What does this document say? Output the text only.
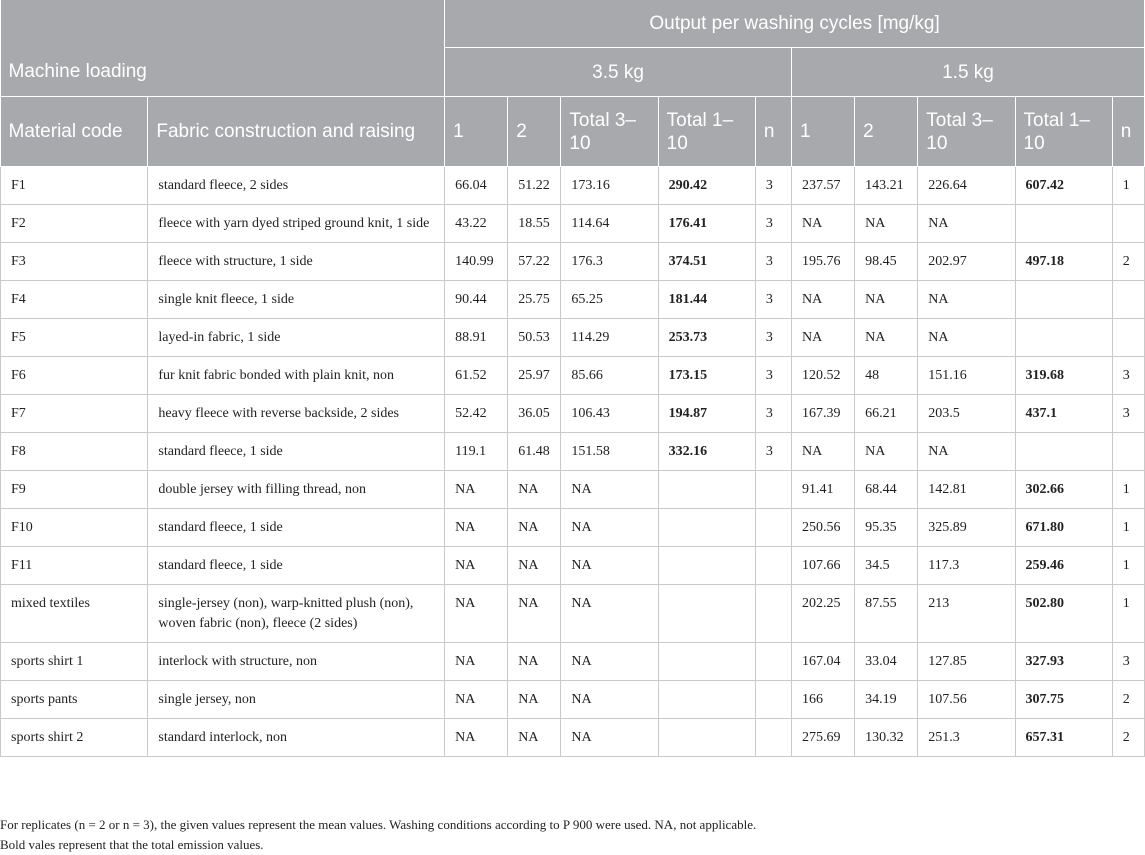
Machine loading		Output per washing cycles [mg/kg]									
		3.5 kg					1.5 kg				
Material code	Fabric construction and raising	1	2	Total 3–10	Total 1–10	n	1	2	Total 3–10	Total 1–10	n
F1	standard fleece, 2 sides	66.04	51.22	173.16	290.42	3	237.57	143.21	226.64	607.42	1
F2	fleece with yarn dyed striped ground knit, 1 side	43.22	18.55	114.64	176.41	3	NA	NA	NA		
F3	fleece with structure, 1 side	140.99	57.22	176.3	374.51	3	195.76	98.45	202.97	497.18	2
F4	single knit fleece, 1 side	90.44	25.75	65.25	181.44	3	NA	NA	NA		
F5	layed-in fabric, 1 side	88.91	50.53	114.29	253.73	3	NA	NA	NA		
F6	fur knit fabric bonded with plain knit, non	61.52	25.97	85.66	173.15	3	120.52	48	151.16	319.68	3
F7	heavy fleece with reverse backside, 2 sides	52.42	36.05	106.43	194.87	3	167.39	66.21	203.5	437.1	3
F8	standard fleece, 1 side	119.1	61.48	151.58	332.16	3	NA	NA	NA		
F9	double jersey with filling thread, non	NA	NA	NA			91.41	68.44	142.81	302.66	1
F10	standard fleece, 1 side	NA	NA	NA			250.56	95.35	325.89	671.80	1
F11	standard fleece, 1 side	NA	NA	NA			107.66	34.5	117.3	259.46	1
mixed textiles	single-jersey (non), warp-knitted plush (non), woven fabric (non), fleece (2 sides)	NA	NA	NA			202.25	87.55	213	502.80	1
sports shirt 1	interlock with structure, non	NA	NA	NA			167.04	33.04	127.85	327.93	3
sports pants	single jersey, non	NA	NA	NA			166	34.19	107.56	307.75	2
sports shirt 2	standard interlock, non	NA	NA	NA			275.69	130.32	251.3	657.31	2
For replicates (n = 2 or n = 3), the given values represent the mean values. Washing conditions according to P 900 were used. NA, not applicable.
Bold vales represent that the total emission values.
